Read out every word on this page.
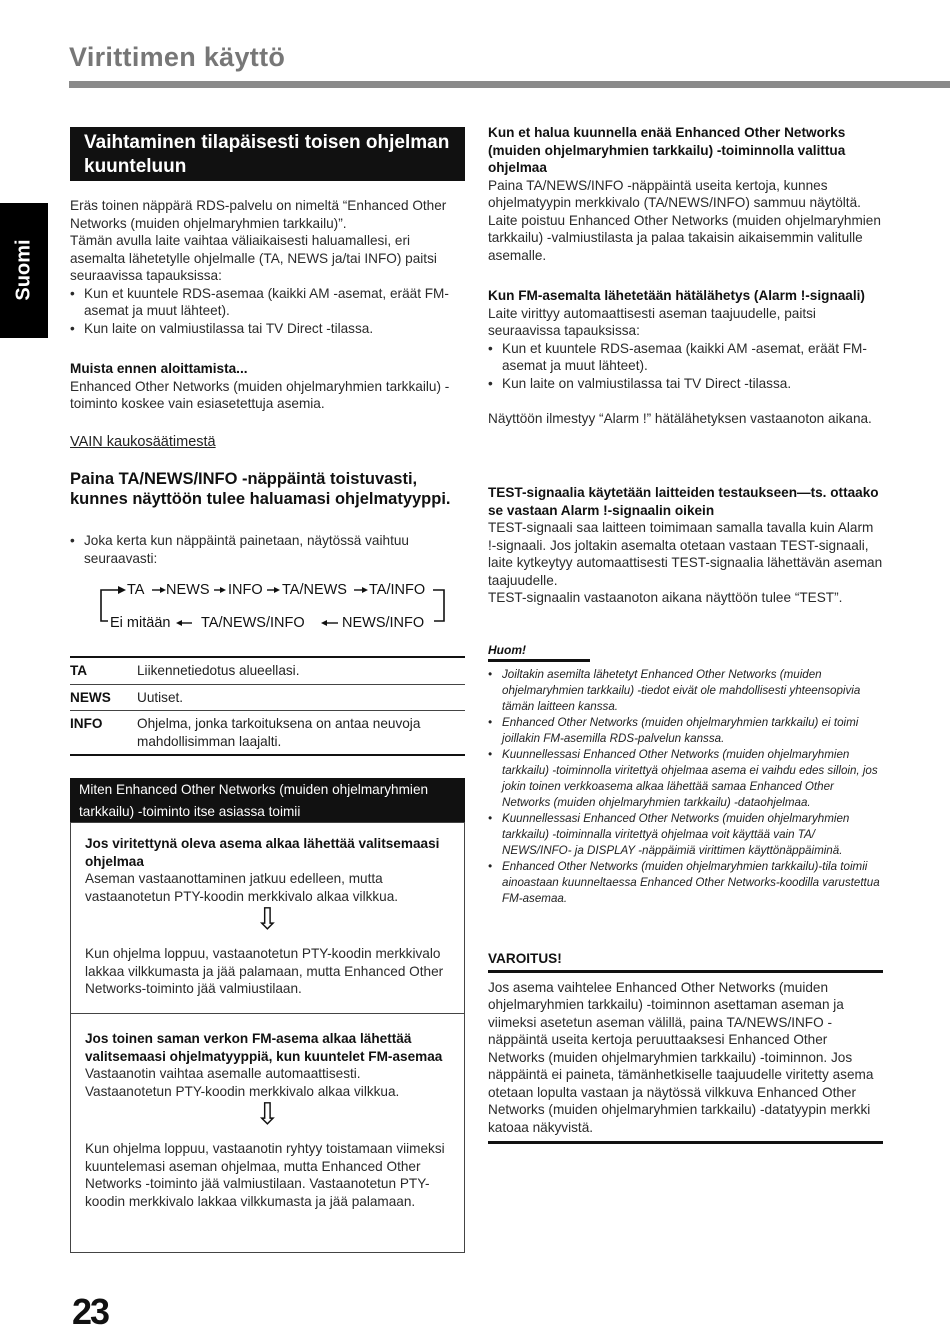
Virittimen käyttö
Suomi
Vaihtaminen tilapäisesti toisen ohjelman kuunteluun

Eräs toinen näppärä RDS-palvelu on nimeltä “Enhanced Other Networks (muiden ohjelmaryhmien tarkkailu)”.

Tämän avulla laite vaihtaa väliaikaisesti haluamallesi, eri asemalta lähetetylle ohjelmalle (TA, NEWS ja/tai INFO) paitsi seuraavissa tapauksissa:

• Kun et kuuntele RDS-asemaa (kaikki AM -asemat, eräät FM-asemat ja muut lähteet).
• Kun laite on valmiustilassa tai TV Direct -tilassa.

Muista ennen aloittamista...

Enhanced Other Networks (muiden ohjelmaryhmien tarkkailu) -toiminto koskee vain esiasetettuja asemia.

VAIN kaukosäätimestä
Paina TA/NEWS/INFO -näppäintä toistuvasti, kunnes näyttöön tulee haluamasi ohjelmatyyppi.
• Joka kerta kun näppäintä painetaan, näytössä vaihtuu seuraavasti:
TA NEWS INFO TA/NEWS TA/INFO
Ei mitään TA/NEWS/INFO	NEWS/INFO
TA	Liikennetiedotus alueellasi.
NEWS	Uutiset.
INFO	Ohjelma, jonka tarkoituksena on antaa neuvoja mahdollisimman laajalti.
Miten Enhanced Other Networks (muiden ohjelmaryhmien tarkkailu) -toiminto itse asiassa toimii

Jos viritettynä oleva asema alkaa lähettää valitsemaasi ohjelmaa

Aseman vastaanottaminen jatkuu edelleen, mutta vastaanotetun PTY-koodin merkkivalo alkaa vilkkua.

⇩

Kun ohjelma loppuu, vastaanotetun PTY-koodin merkkivalo lakkaa vilkkumasta ja jää palamaan, mutta Enhanced Other Networks-toiminto jää valmiustilaan.

Jos toinen saman verkon FM-asema alkaa lähettää valitsemaasi ohjelmatyyppiä, kun kuuntelet FM-asemaa

Vastaanotin vaihtaa asemalle automaattisesti. Vastaanotetun PTY-koodin merkkivalo alkaa vilkkua.

⇩

Kun ohjelma loppuu, vastaanotin ryhtyy toistamaan viimeksi kuuntelemasi aseman ohjelmaa, mutta Enhanced Other Networks -toiminto jää valmiustilaan. Vastaanotetun PTY-koodin merkkivalo lakkaa vilkkumasta ja jää palamaan.

Kun et halua kuunnella enää Enhanced Other Networks (muiden ohjelmaryhmien tarkkailu) -toiminnolla valittua ohjelmaa

Paina TA/NEWS/INFO -näppäintä useita kertoja, kunnes ohjelmatyypin merkkivalo (TA/NEWS/INFO) sammuu näytöltä. Laite poistuu Enhanced Other Networks (muiden ohjelmaryhmien tarkkailu) -valmiustilasta ja palaa takaisin aikaisemmin valitulle asemalle.

Kun FM-asemalta lähetetään hätälähetys (Alarm !-signaali)

Laite virittyy automaattisesti aseman taajuudelle, paitsi seuraavissa tapauksissa:

• Kun et kuuntele RDS-asemaa (kaikki AM -asemat, eräät FM-asemat ja muut lähteet).
• Kun laite on valmiustilassa tai TV Direct -tilassa.

Näyttöön ilmestyy “Alarm !” hätälähetyksen vastaanoton aikana.

TEST-signaalia käytetään laitteiden testaukseen—ts. ottaako se vastaan Alarm !-signaalin oikein

TEST-signaali saa laitteen toimimaan samalla tavalla kuin Alarm !-signaali. Jos joltakin asemalta otetaan vastaan TEST-signaali, laite kytkeytyy automaattisesti TEST-signaalia lähettävän aseman taajuudelle.

TEST-signaalin vastaanoton aikana näyttöön tulee “TEST”.

Huom!
• Joiltakin asemilta lähetetyt Enhanced Other Networks (muiden ohjelmaryhmien tarkkailu) -tiedot eivät ole mahdollisesti yhteensopivia tämän laitteen kanssa.
• Enhanced Other Networks (muiden ohjelmaryhmien tarkkailu) ei toimi joillakin FM-asemilla RDS-palvelun kanssa.
• Kuunnellessasi Enhanced Other Networks (muiden ohjelmaryhmien tarkkailu) -toiminnolla viritettyä ohjelmaa asema ei vaihdu edes silloin, jos jokin toinen verkkoasema alkaa lähettää samaa Enhanced Other Networks (muiden ohjelmaryhmien tarkkailu) -dataohjelmaa.
• Kuunnellessasi Enhanced Other Networks (muiden ohjelmaryhmien tarkkailu) -toiminnalla viritettyä ohjelmaa voit käyttää vain TA/ NEWS/INFO- ja DISPLAY -näppäimiä virittimen käyttönäppäiminä.
• Enhanced Other Networks (muiden ohjelmaryhmien tarkkailu)-tila toimii ainoastaan kuunneltaessa Enhanced Other Networks-koodilla varustettua FM-asemaa.
VAROITUS!

Jos asema vaihtelee Enhanced Other Networks (muiden ohjelmaryhmien tarkkailu) -toiminnon asettaman aseman ja viimeksi asetetun aseman välillä, paina TA/NEWS/INFO -näppäintä useita kertoja peruuttaaksesi Enhanced Other Networks (muiden ohjelmaryhmien tarkkailu) -toiminnon. Jos näppäintä ei paineta, tämänhetkiselle taajuudelle viritetty asema otetaan lopulta vastaan ja näytössä vilkkuva Enhanced Other Networks (muiden ohjelmaryhmien tarkkailu) -datatyypin merkki katoaa näkyvistä.

23
